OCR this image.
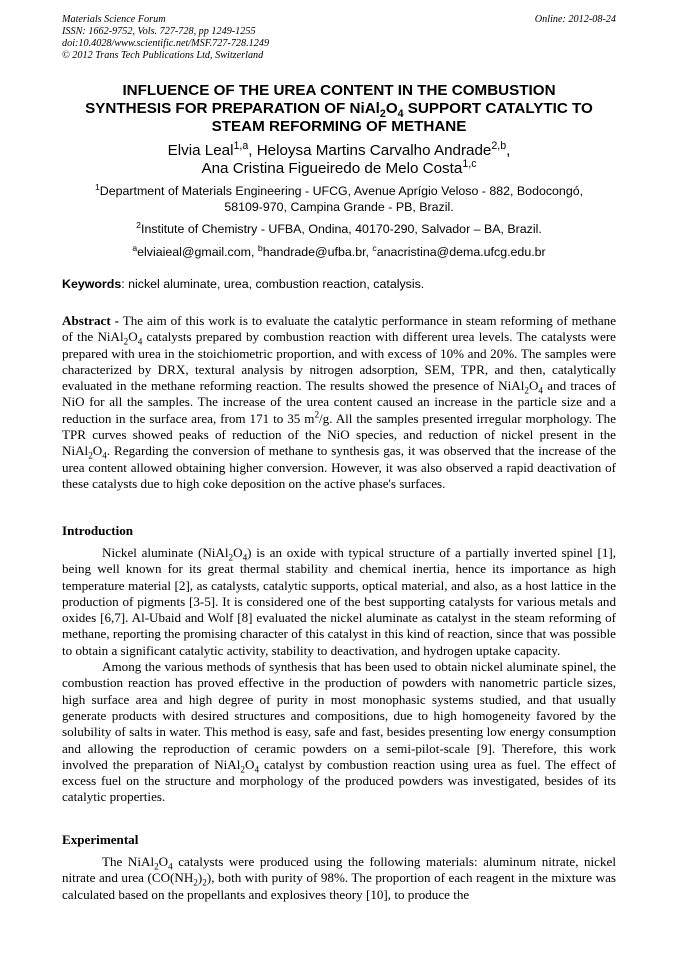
Materials Science Forum
ISSN: 1662-9752, Vols. 727-728, pp 1249-1255
doi:10.4028/www.scientific.net/MSF.727-728.1249
© 2012 Trans Tech Publications Ltd, Switzerland
Online: 2012-08-24
INFLUENCE OF THE UREA CONTENT IN THE COMBUSTION
SYNTHESIS FOR PREPARATION OF $NiAl_2O_4$ SUPPORT CATALYTIC TO
STEAM REFORMING OF METHANE
Elvia Leal$^{1,a}$, Heloysa Martins Carvalho Andrade$^{2,b}$,
Ana Cristina Figueiredo de Melo Costa$^{1,c}$
$^1$Department of Materials Engineering - UFCG, Avenue Aprígio Veloso - 882, Bodocongó,
58109-970, Campina Grande - PB, Brazil.
$^2$Institute of Chemistry - UFBA, Ondina, 40170-290, Salvador – BA, Brazil.
$^a$elviaieal@gmail.com, $^b$handrade@ufba.br, $^c$anacristina@dema.ufcg.edu.br
Keywords: nickel aluminate, urea, combustion reaction, catalysis.

Abstract - The aim of this work is to evaluate the catalytic performance in steam reforming of methane of the $NiAl_2O_4$ catalysts prepared by combustion reaction with different urea levels. The catalysts were prepared with urea in the stoichiometric proportion, and with excess of 10% and 20%. The samples were characterized by DRX, textural analysis by nitrogen adsorption, SEM, TPR, and then, catalytically evaluated in the methane reforming reaction. The results showed the presence of $NiAl_2O_4$ and traces of NiO for all the samples. The increase of the urea content caused an increase in the particle size and a reduction in the surface area, from 171 to 35 $m^2/g$. All the samples presented irregular morphology. The TPR curves showed peaks of reduction of the NiO species, and reduction of nickel present in the $NiAl_2O_4$. Regarding the conversion of methane to synthesis gas, it was observed that the increase of the urea content allowed obtaining higher conversion. However, it was also observed a rapid deactivation of these catalysts due to high coke deposition on the active phase's surfaces.

Introduction

Nickel aluminate $(NiAl_2O_4)$ is an oxide with typical structure of a partially inverted spinel [1], being well known for its great thermal stability and chemical inertia, hence its importance as high temperature material [2], as catalysts, catalytic supports, optical material, and also, as a host lattice in the production of pigments [3-5]. It is considered one of the best supporting catalysts for various metals and oxides [6,7]. Al-Ubaid and Wolf [8] evaluated the nickel aluminate as catalyst in the steam reforming of methane, reporting the promising character of this catalyst in this kind of reaction, since that was possible to obtain a significant catalytic activity, stability to deactivation, and hydrogen uptake capacity.

Among the various methods of synthesis that has been used to obtain nickel aluminate spinel, the combustion reaction has proved effective in the production of powders with nanometric particle sizes, high surface area and high degree of purity in most monophasic systems studied, and that usually generate products with desired structures and compositions, due to high homogeneity favored by the solubility of salts in water. This method is easy, safe and fast, besides presenting low energy consumption and allowing the reproduction of ceramic powders on a semi-pilot-scale [9]. Therefore, this work involved the preparation of $NiAl_2O_4$ catalyst by combustion reaction using urea as fuel. The effect of excess fuel on the structure and morphology of the produced powders was investigated, besides of its catalytic properties.

Experimental

The $NiAl_2O_4$ catalysts were produced using the following materials: aluminum nitrate, nickel nitrate and urea $(CO(NH_2)_2)$, both with purity of 98%. The proportion of each reagent in the mixture was calculated based on the propellants and explosives theory [10], to produce the
